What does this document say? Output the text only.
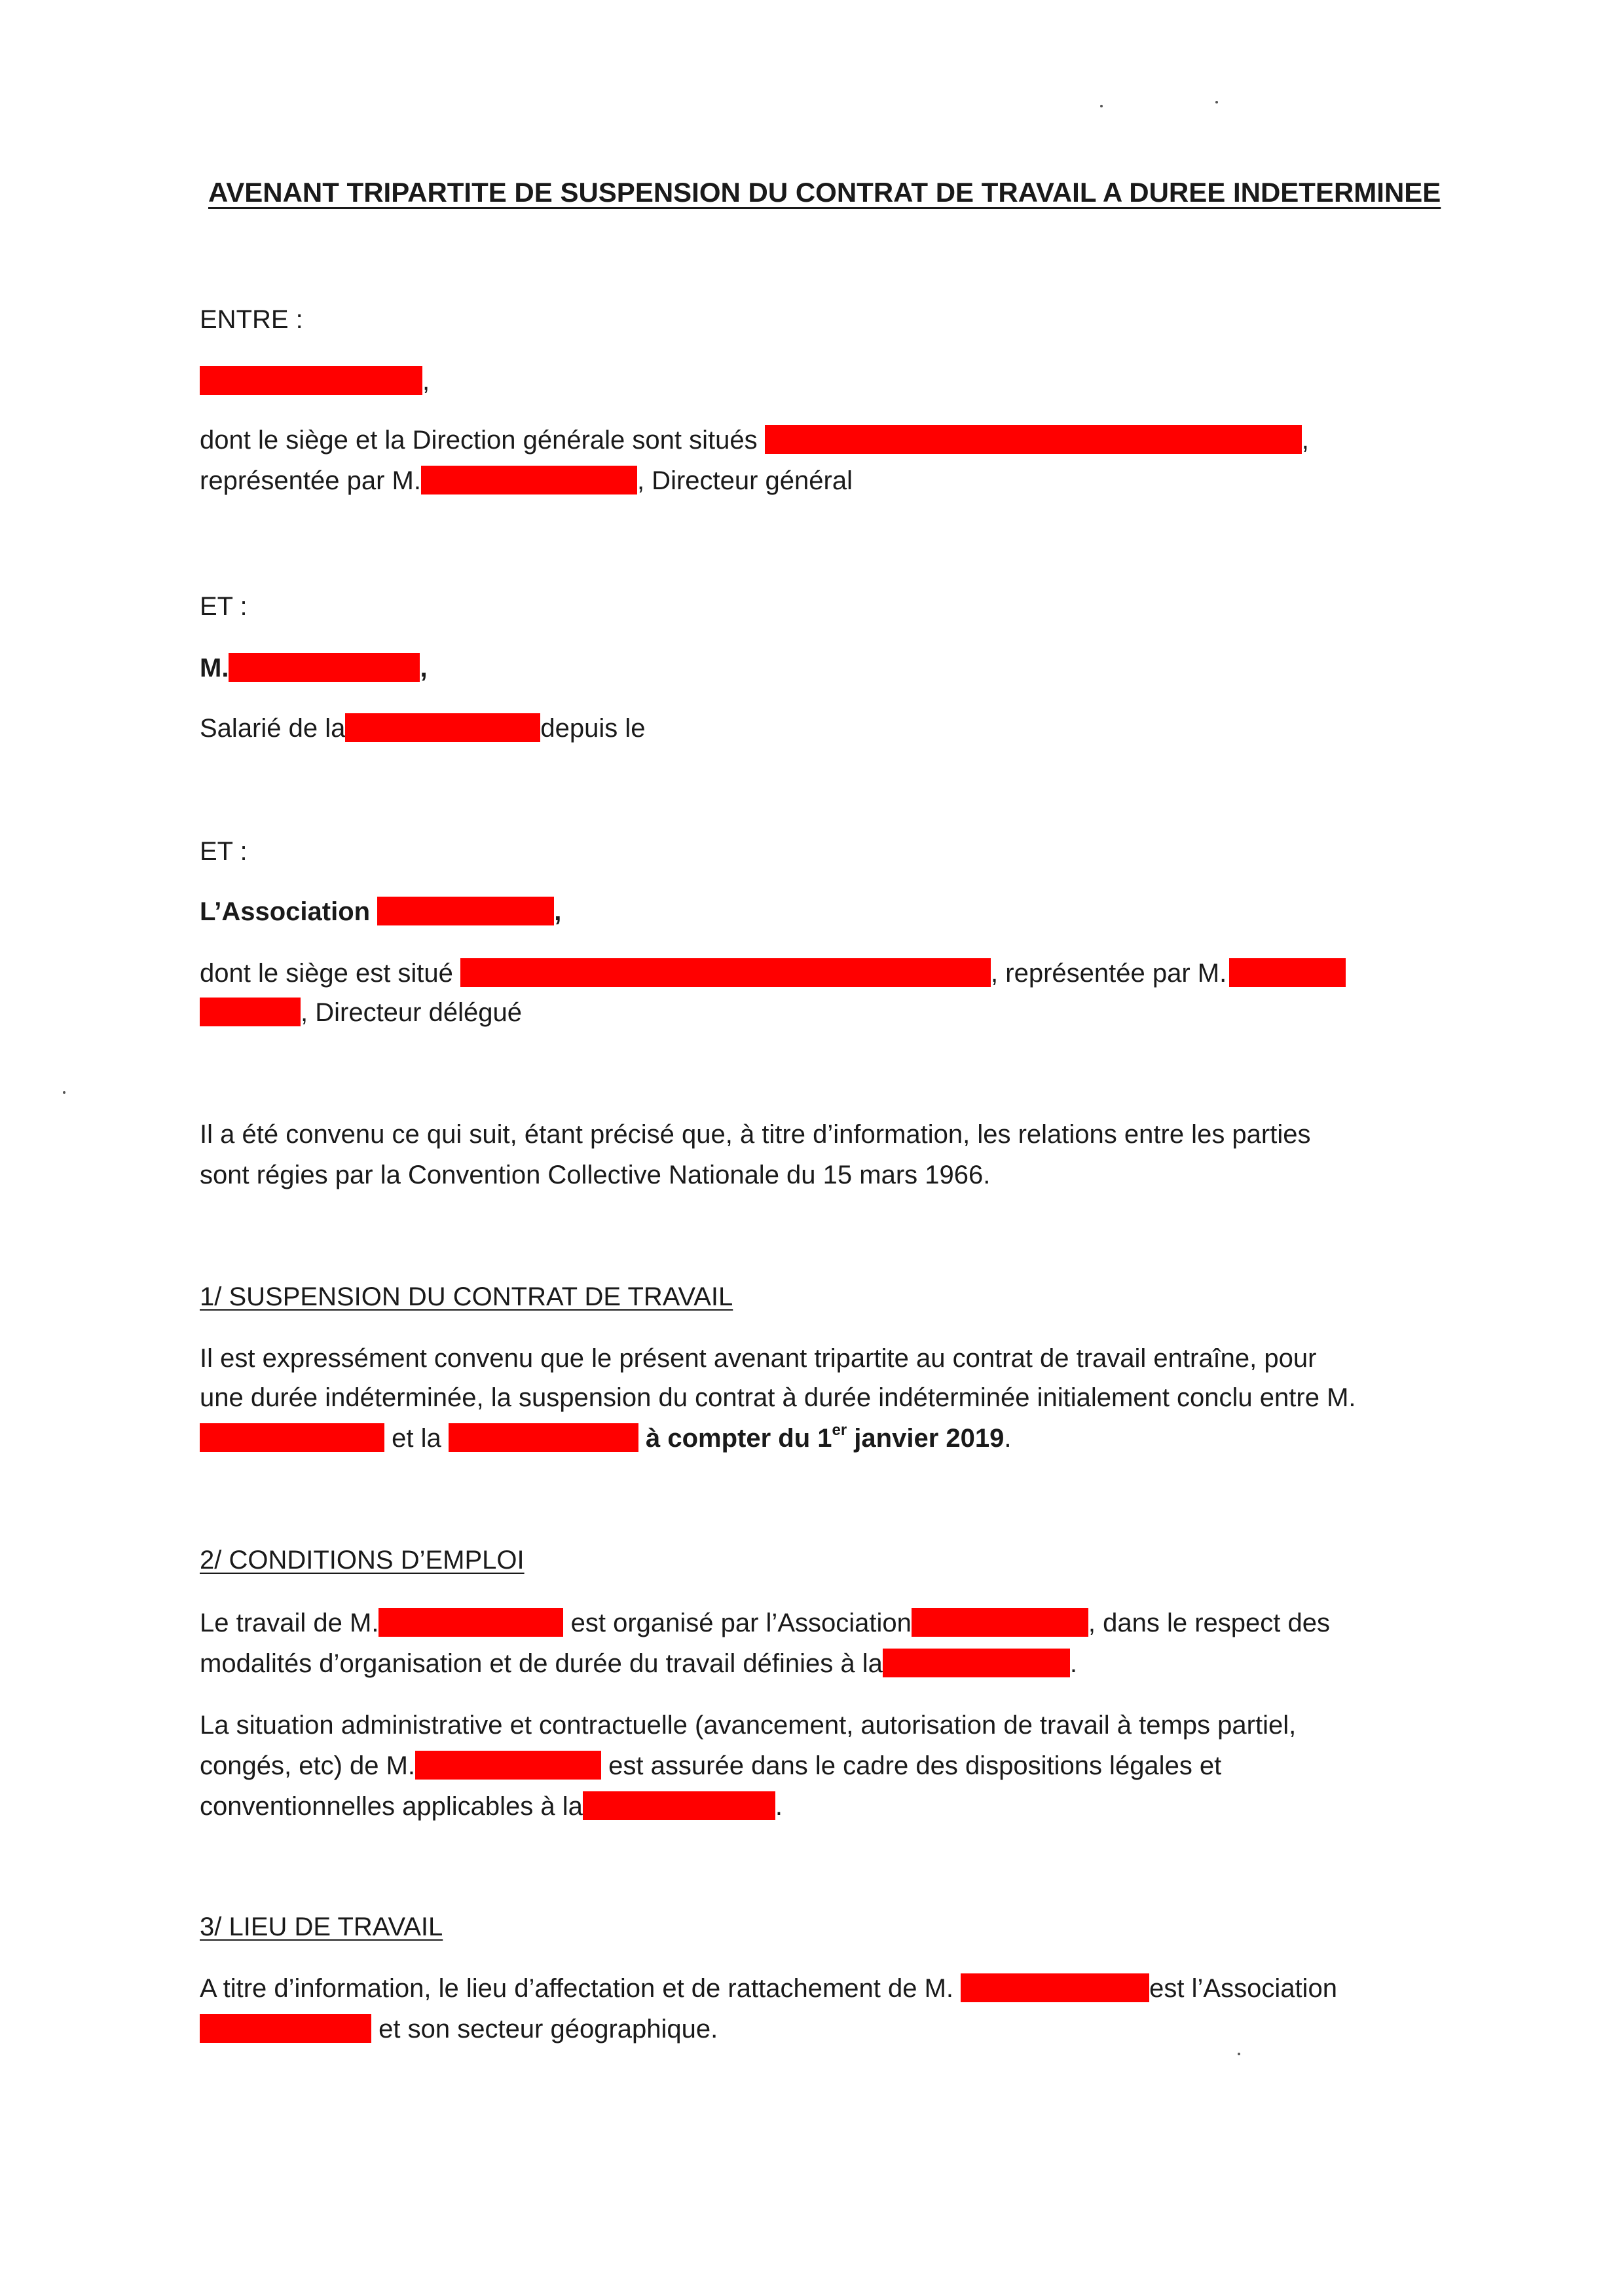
AVENANT TRIPARTITE DE SUSPENSION DU CONTRAT DE TRAVAIL A DUREE INDETERMINEE
ENTRE :
,
dont le siège et la Direction générale sont situés	,
représentée par M.	, Directeur général
ET :
M.	,
Salarié de la	depuis le
ET :
L’Association	,
dont le siège est situé	, représentée par M.
, Directeur délégué
Il a été convenu ce qui suit, étant précisé que, à titre d’information, les relations entre les parties
sont régies par la Convention Collective Nationale du 15 mars 1966.
1/ SUSPENSION DU CONTRAT DE TRAVAIL
Il est expressément convenu que le présent avenant tripartite au contrat de travail entraîne, pour
une durée indéterminée, la suspension du contrat à durée indéterminée initialement conclu entre M.
et la	à compter du 1er janvier 2019.
2/ CONDITIONS D’EMPLOI
Le travail de M.	est organisé par l’Association	, dans le respect des
modalités d’organisation et de durée du travail définies à la	.
La situation administrative et contractuelle (avancement, autorisation de travail à temps partiel,
congés, etc) de M.	est assurée dans le cadre des dispositions légales et
conventionnelles applicables à la	.
3/ LIEU DE TRAVAIL
A titre d’information, le lieu d’affectation et de rattachement de M.	est l’Association
et son secteur géographique.
